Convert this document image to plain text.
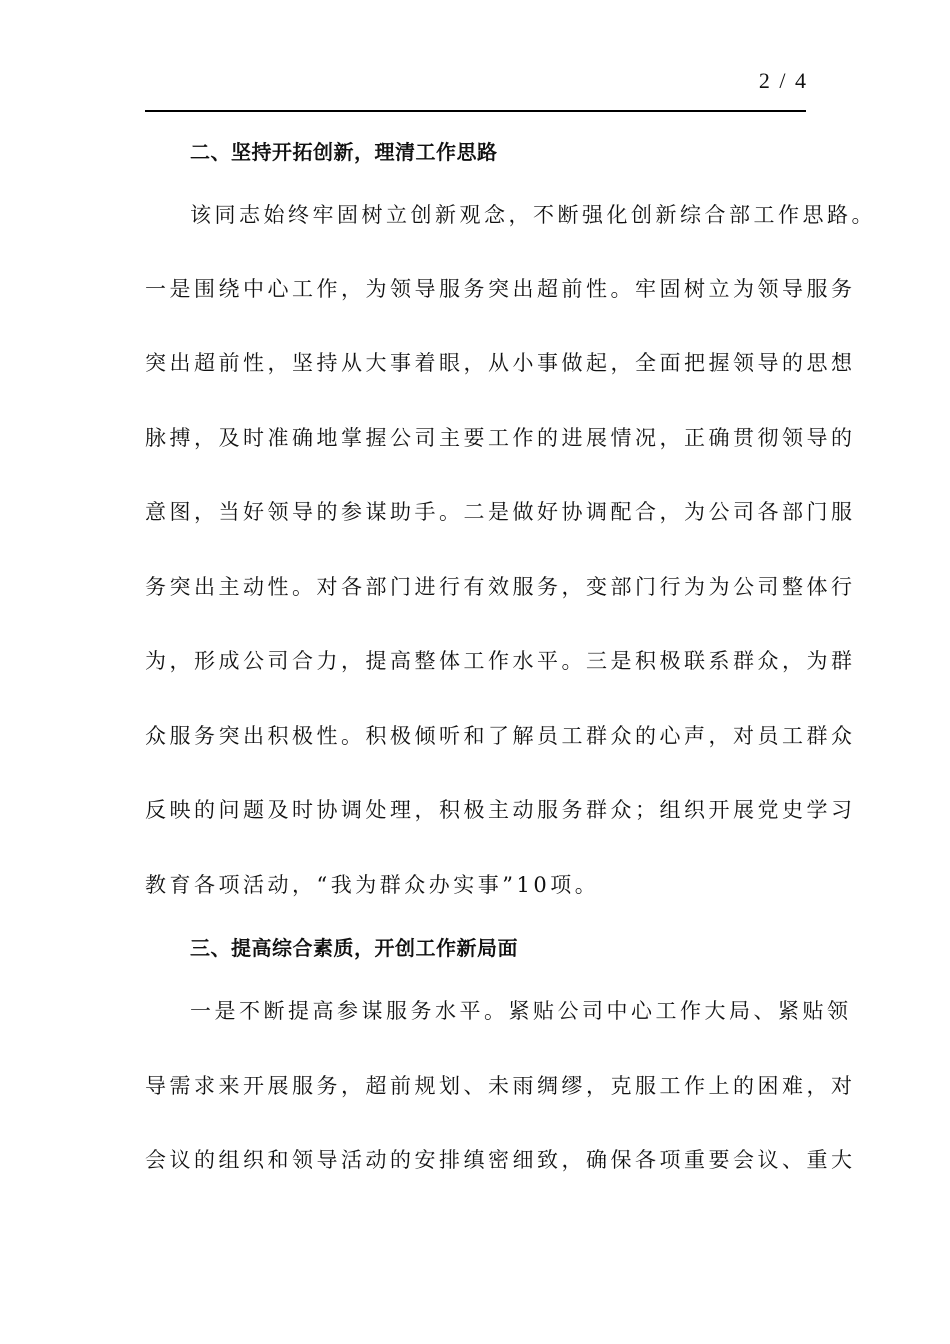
2 / 4
二、坚持开拓创新，理清工作思路
该同志始终牢固树立创新观念，不断强化创新综合部工作思路。
一是围绕中心工作，为领导服务突出超前性。牢固树立为领导服务
突出超前性，坚持从大事着眼，从小事做起，全面把握领导的思想
脉搏，及时准确地掌握公司主要工作的进展情况，正确贯彻领导的
意图，当好领导的参谋助手。二是做好协调配合，为公司各部门服
务突出主动性。对各部门进行有效服务，变部门行为为公司整体行
为，形成公司合力，提高整体工作水平。三是积极联系群众，为群
众服务突出积极性。积极倾听和了解员工群众的心声，对员工群众
反映的问题及时协调处理，积极主动服务群众；组织开展党史学习
教育各项活动，“我为群众办实事”10项。
三、提高综合素质，开创工作新局面
一是不断提高参谋服务水平。紧贴公司中心工作大局、紧贴领
导需求来开展服务，超前规划、未雨绸缪，克服工作上的困难，对
会议的组织和领导活动的安排缜密细致，确保各项重要会议、重大
